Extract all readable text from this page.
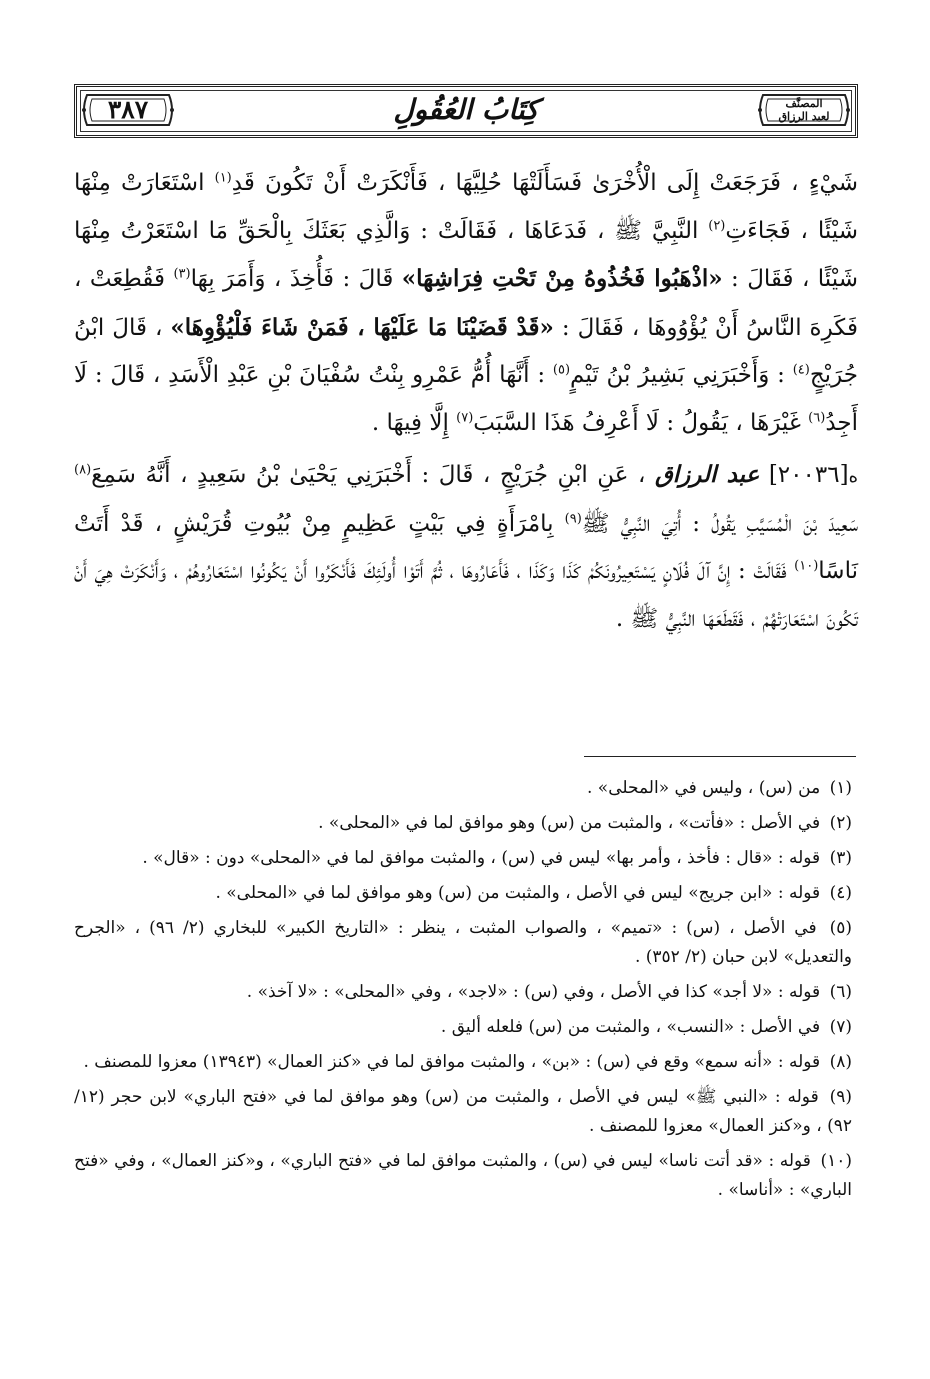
٣٨٧	كِتَابُ العُقُولِ	المصنَّف
لعبد الرزاق

شَيْءٍ ، فَرَجَعَتْ إِلَى الْأُخْرَىٰ فَسَأَلَتْهَا حُلِيَّهَا ، فَأَنْكَرَتْ أَنْ تَكُونَ قَدِ$^{(١)}$ اسْتَعَارَتْ مِنْهَا شَيْئًا ، فَجَاءَتِ$^{(٢)}$ النَّبِيَّ ﷺ ، فَدَعَاهَا ، فَقَالَتْ : وَالَّذِي بَعَثَكَ بِالْحَقِّ مَا اسْتَعَرْتُ مِنْهَا شَيْئًا ، فَقَالَ : «اذْهَبُوا فَخُذُوهُ مِنْ تَحْتِ فِرَاشِهَا» قَالَ : فَأُخِذَ ، وَأَمَرَ بِهَا$^{(٣)}$ فَقُطِعَتْ ، فَكَرِهَ النَّاسُ أَنْ يُؤْوُوهَا ، فَقَالَ : «قَدْ قَضَيْنَا مَا عَلَيْهَا ، فَمَنْ شَاءَ فَلْيُؤْوِهَا» ، قَالَ ابْنُ جُرَيْجٍ$^{(٤)}$ : وَأَخْبَرَنِي بَشِيرُ بْنُ تَيْمٍ$^{(٥)}$ : أَنَّهَا أُمُّ عَمْرِو بِنْتُ سُفْيَانَ بْنِ عَبْدِ الْأَسَدِ ، قَالَ : لَا أَجِدُ$^{(٦)}$ غَيْرَهَا ، يَقُولُ : لَا أَعْرِفُ هَذَا السَّبَبَ$^{(٧)}$ إِلَّا فِيهَا .

ه[٢٠٠٣٦] عبد الرزاق ، عَنِ ابْنِ جُرَيْجٍ ، قَالَ : أَخْبَرَنِي يَحْيَىٰ بْنُ سَعِيدٍ ، أَنَّهُ سَمِعَ$^{(٨)}$ سَعِيدَ بْنَ الْمُسَيَّبِ يَقُولُ : أُتِيَ النَّبِيُّ ﷺ$^{(٩)}$ بِامْرَأَةٍ فِي بَيْتٍ عَظِيمٍ مِنْ بُيُوتِ قُرَيْشٍ ، قَدْ أَتَتْ نَاسًا$^{(١٠)}$ فَقَالَتْ : إِنَّ آلَ فُلَانٍ يَسْتَعِيرُونَكُمْ كَذَا وَكَذَا ، فَأَعَارُوهَا ، ثُمَّ أَتَوْا أُولَئِكَ فَأَنْكَرُوا أَنْ يَكُونُوا اسْتَعَارُوهُمْ ، وَأَنْكَرَتْ هِيَ أَنْ تَكُونَ اسْتَعَارَتْهُمْ ، فَقَطَعَهَا النَّبِيُّ ﷺ .

(١) من (س) ، وليس في «المحلى» .

(٢) في الأصل : «فأتت» ، والمثبت من (س) وهو موافق لما في «المحلى» .

(٣) قوله : «قال : فأخذ ، وأمر بها» ليس في (س) ، والمثبت موافق لما في «المحلى» دون : «قال» .

(٤) قوله : «ابن جريج» ليس في الأصل ، والمثبت من (س) وهو موافق لما في «المحلى» .

(٥) في الأصل ، (س) : «تميم» ، والصواب المثبت ، ينظر : «التاريخ الكبير» للبخاري (٢/ ٩٦) ، «الجرح والتعديل» لابن حبان (٢/ ٣٥٢) .

(٦) قوله : «لا أجد» كذا في الأصل ، وفي (س) : «لاجد» ، وفي «المحلى» : «لا آخذ» .

(٧) في الأصل : «النسب» ، والمثبت من (س) فلعله أليق .

(٨) قوله : «أنه سمع» وقع في (س) : «بن» ، والمثبت موافق لما في «كنز العمال» (١٣٩٤٣) معزوا للمصنف .

(٩) قوله : «النبي ﷺ» ليس في الأصل ، والمثبت من (س) وهو موافق لما في «فتح الباري» لابن حجر (١٢/ ٩٢) ، و«كنز العمال» معزوا للمصنف .

(١٠) قوله : «قد أتت ناسا» ليس في (س) ، والمثبت موافق لما في «فتح الباري» ، و«كنز العمال» ، وفي «فتح الباري» : «أناسا» .
